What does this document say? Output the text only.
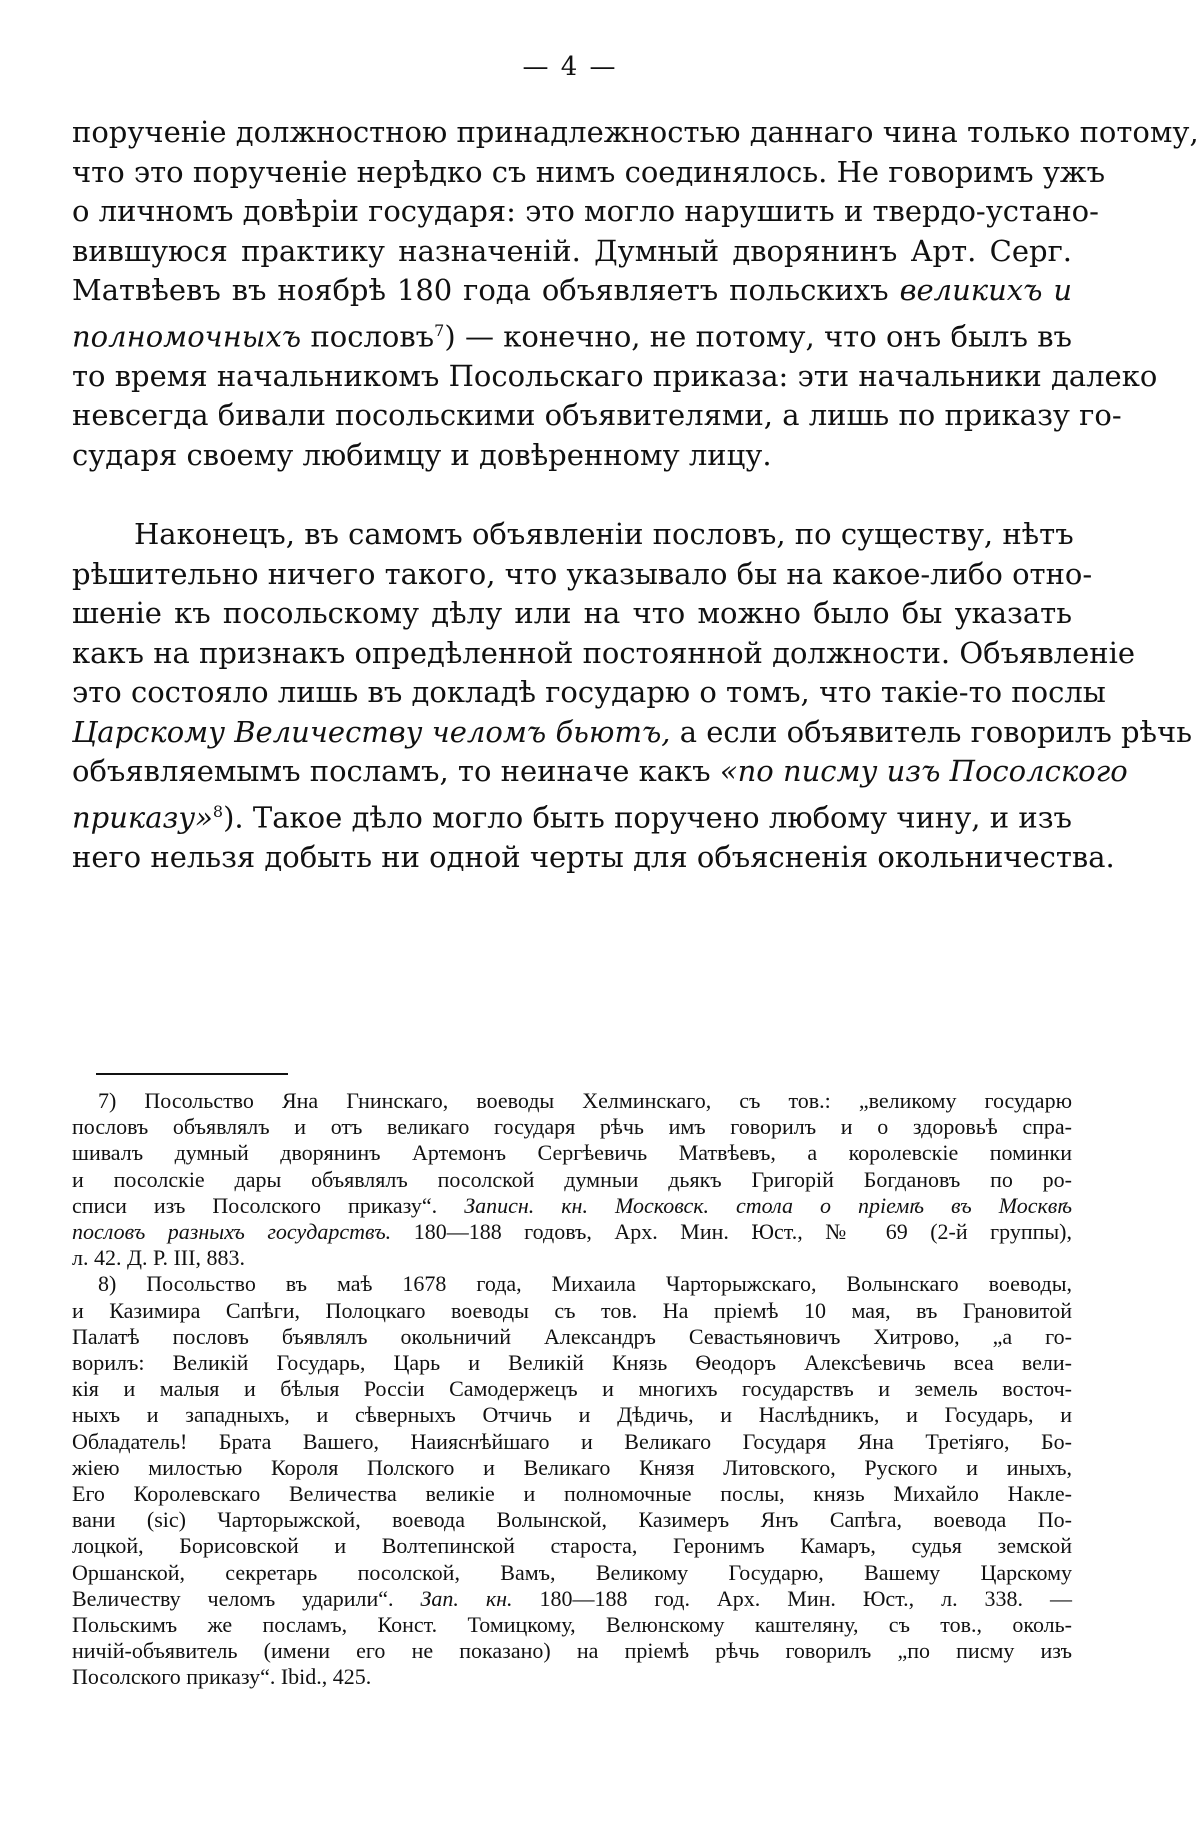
— 4 —

порученіе должностною принадлежностью даннаго чина только потому,
что это порученіе нерѣдко съ нимъ соединялось. Не говоримъ ужъ
о личномъ довѣріи государя: это могло нарушить и твердо-устано-
вившуюся практику назначеній. Думный дворянинъ Арт. Серг.
Матвѣевъ въ ноябрѣ 180 года объявляетъ польскихъ великихъ и
полномочныхъ пословъ$^7$) — конечно, не потому, что онъ былъ въ
то время начальникомъ Посольскаго приказа: эти начальники далеко
невсегда бивали посольскими объявителями, а лишь по приказу го-
сударя своему любимцу и довѣренному лицу.

Наконецъ, въ самомъ объявленіи пословъ, по существу, нѣтъ
рѣшительно ничего такого, что указывало бы на какое-либо отно-
шеніе къ посольскому дѣлу или на что можно было бы указать
какъ на признакъ опредѣленной постоянной должности. Объявленіе
это состояло лишь въ докладѣ государю о томъ, что такіе-то послы
Царскому Величеству челомъ бьютъ, а если объявитель говорилъ рѣчь
объявляемымъ посламъ, то неиначе какъ «по писму изъ Посолского
приказу»$^8$). Такое дѣло могло быть поручено любому чину, и изъ
него нельзя добыть ни одной черты для объясненія окольничества.

7) Посольство Яна Гнинскаго, воеводы Хелминскаго, съ тов.: „великому государю
пословъ объявлялъ и отъ великаго государя рѣчь имъ говорилъ и о здоровьѣ спра-
шивалъ думный дворянинъ Артемонъ Сергѣевичь Матвѣевъ, а королевскіе поминки
и посолскіе дары объявлялъ посолской думныи дьякъ Григорій Богдановъ по ро-
списи изъ Посолского приказу“. Записн. кн. Московск. стола о пріемѣ въ Москвѣ
пословъ разныхъ государствъ. 180—188 годовъ, Арх. Мин. Юст., № 69 (2-й группы),
л. 42. Д. Р. III, 883.
8) Посольство въ маѣ 1678 года, Михаила Чарторыжскаго, Волынскаго воеводы,
и Казимира Сапѣги, Полоцкаго воеводы съ тов. На пріемѣ 10 мая, въ Грановитой
Палатѣ пословъ бъявлялъ окольничий Александръ Севастьяновичъ Хитрово, „а го-
ворилъ: Великій Государь, Царь и Великій Князь Ѳеодоръ Алексѣевичь всеа вели-
кія и малыя и бѣлыя Россіи Самодержецъ и многихъ государствъ и земель восточ-
ныхъ и западныхъ, и сѣверныхъ Отчичь и Дѣдичь, и Наслѣдникъ, и Государь, и
Обладатель! Брата Вашего, Наияснѣйшаго и Великаго Государя Яна Третіяго, Бо-
жіею милостью Короля Полского и Великаго Князя Литовского, Руского и иныхъ,
Его Королевскаго Величества великіе и полномочные послы, князь Михайло Накле-
вани (sic) Чарторыжской, воевода Волынской, Казимеръ Янъ Сапѣга, воевода По-
лоцкой, Борисовской и Волтепинской староста, Геронимъ Камаръ, судья земской
Оршанской, секретарь посолской, Вамъ, Великому Государю, Вашему Царскому
Величеству челомъ ударили“. Зап. кн. 180—188 год. Арх. Мин. Юст., л. 338. —
Польскимъ же посламъ, Конст. Томицкому, Велюнскому каштеляну, съ тов., околь-
ничій-объявитель (имени его не показано) на пріемѣ рѣчь говорилъ „по писму изъ
Посолского приказу“. Ibid., 425.
